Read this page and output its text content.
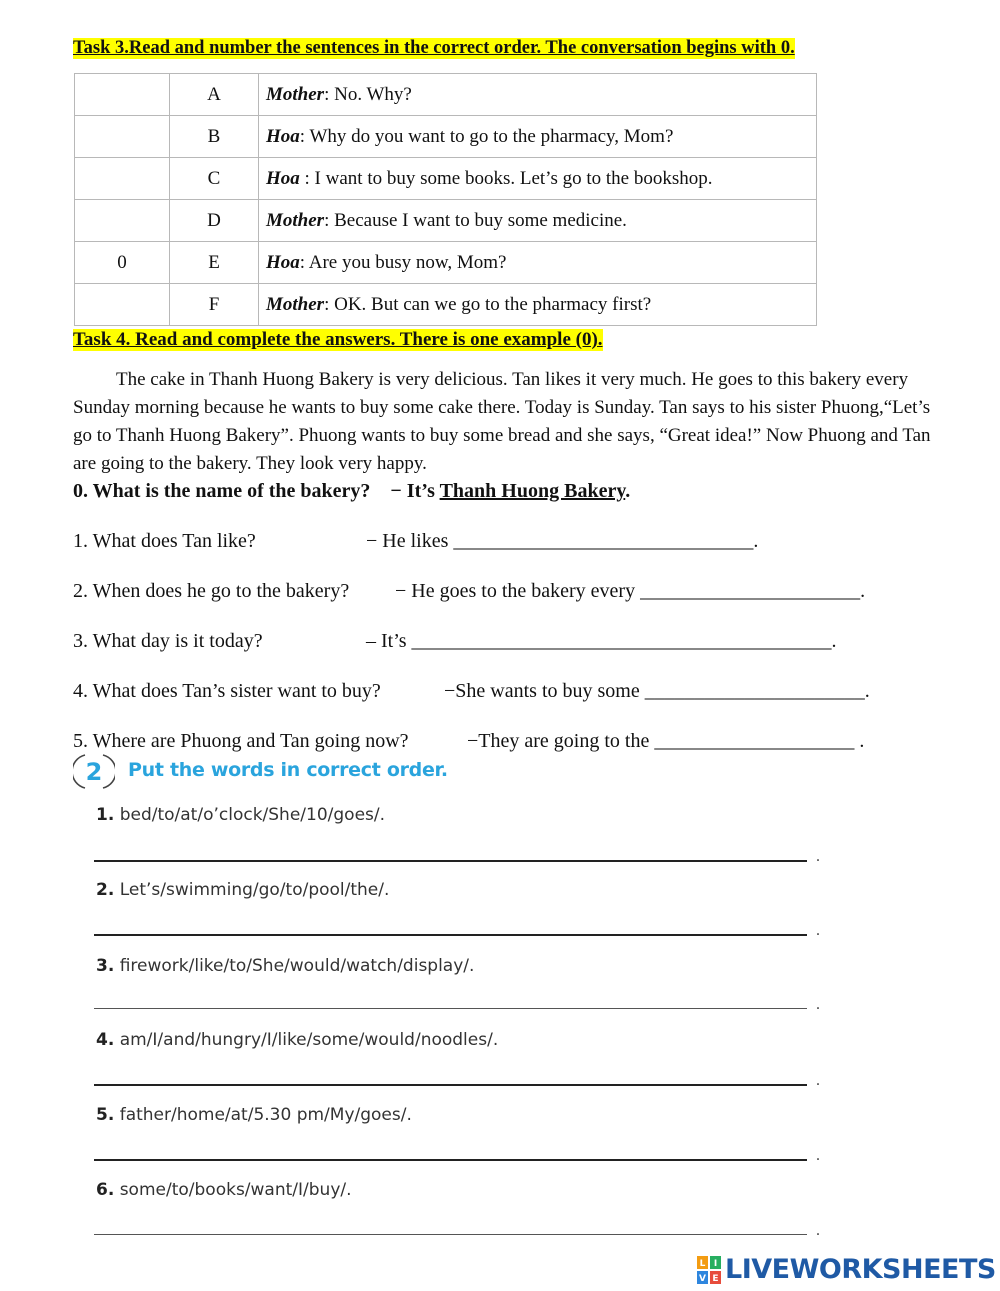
Task 3.Read and number the sentences in the correct order. The conversation begins with 0.
	A	Mother: No. Why?
	B	Hoa: Why do you want to go to the pharmacy, Mom?
	C	Hoa : I want to buy some books. Let’s go to the bookshop.
	D	Mother: Because I want to buy some medicine.
0	E	Hoa: Are you busy now, Mom?
	F	Mother: OK. But can we go to the pharmacy first?
Task 4. Read and complete the answers. There is one example (0).

The cake in Thanh Huong Bakery is very delicious. Tan likes it very much. He goes to this bakery every Sunday morning because he wants to buy some cake there. Today is Sunday. Tan says to his sister Phuong,“Let’s go to Thanh Huong Bakery”. Phuong wants to buy some bread and she says, “Great idea!” Now Phuong and Tan are going to the bakery. They look very happy.

0. What is the name of the bakery? − It’s Thanh Huong Bakery.
1. What does Tan like?	− He likes ______________________________.
2. When does he go to the bakery? − He goes to the bakery every ______________________.
3. What day is it today?	– It’s __________________________________________.
4. What does Tan’s sister want to buy?	−She wants to buy some ______________________.
5. Where are Phuong and Tan going now?	−They are going to the ____________________ .
2 Put the words in correct order.
1. bed/to/at/o’clock/She/10/goes/.
.
2. Let’s/swimming/go/to/pool/the/.
.
3. firework/like/to/She/would/watch/display/.
.
4. am/I/and/hungry/I/like/some/would/noodles/.
.
5. father/home/at/5.30 pm/My/goes/.
.
6. some/to/books/want/I/buy/.
.
L I
V E LIVEWORKSHEETS
